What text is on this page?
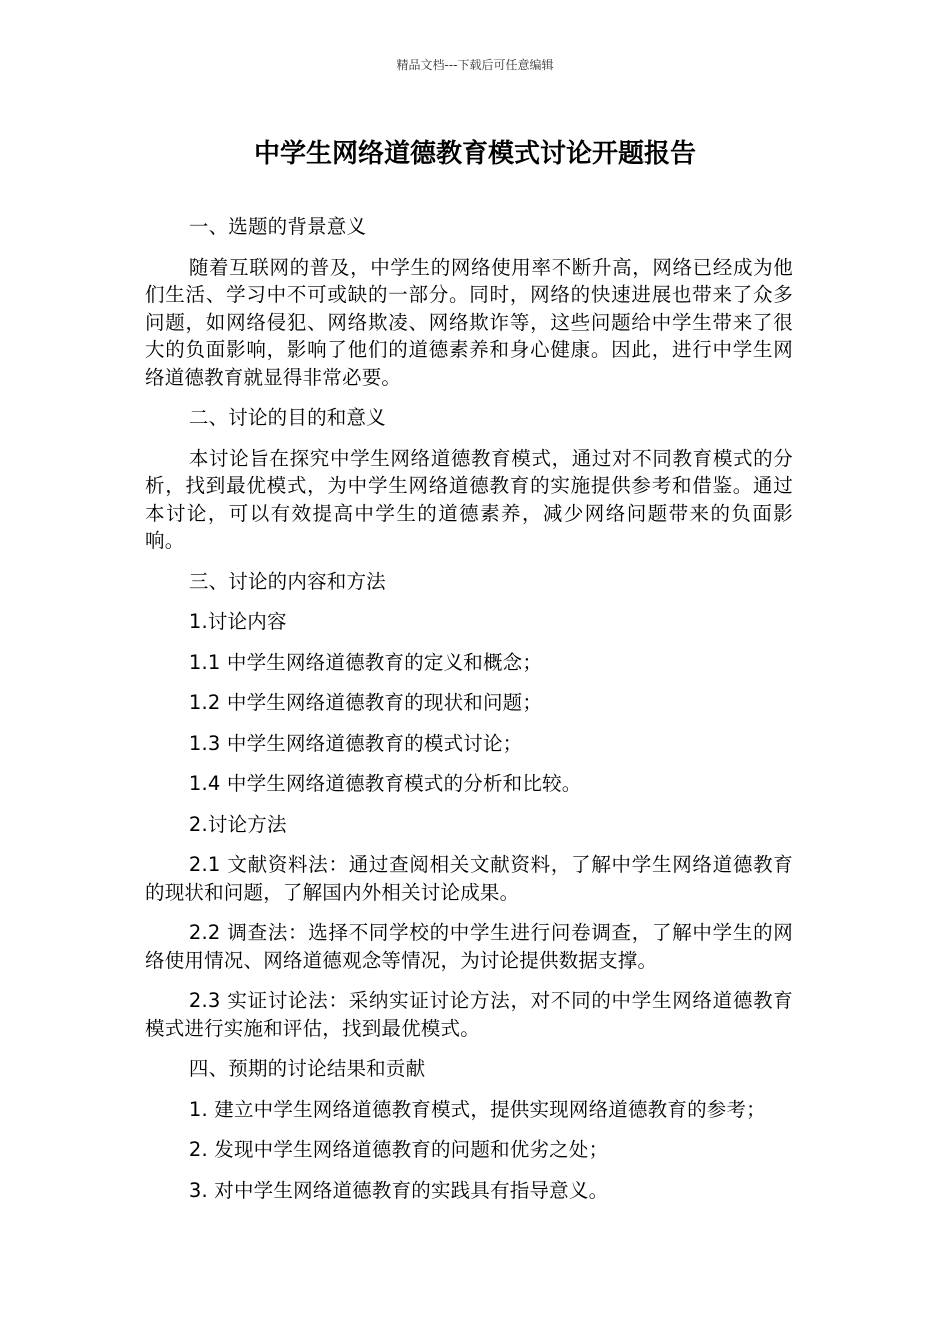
精品文档---下载后可任意编辑
中学生网络道德教育模式讨论开题报告

一、选题的背景意义

随着互联网的普及，中学生的网络使用率不断升高，网络已经成为他们生活、学习中不可或缺的一部分。同时，网络的快速进展也带来了众多问题，如网络侵犯、网络欺凌、网络欺诈等，这些问题给中学生带来了很大的负面影响，影响了他们的道德素养和身心健康。因此，进行中学生网络道德教育就显得非常必要。

二、讨论的目的和意义

本讨论旨在探究中学生网络道德教育模式，通过对不同教育模式的分析，找到最优模式，为中学生网络道德教育的实施提供参考和借鉴。通过本讨论，可以有效提高中学生的道德素养，减少网络问题带来的负面影响。

三、讨论的内容和方法

1.讨论内容

1.1 中学生网络道德教育的定义和概念；

1.2 中学生网络道德教育的现状和问题；

1.3 中学生网络道德教育的模式讨论；

1.4 中学生网络道德教育模式的分析和比较。

2.讨论方法

2.1 文献资料法：通过查阅相关文献资料，了解中学生网络道德教育的现状和问题，了解国内外相关讨论成果。

2.2 调查法：选择不同学校的中学生进行问卷调查，了解中学生的网络使用情况、网络道德观念等情况，为讨论提供数据支撑。

2.3 实证讨论法：采纳实证讨论方法，对不同的中学生网络道德教育模式进行实施和评估，找到最优模式。

四、预期的讨论结果和贡献

1. 建立中学生网络道德教育模式，提供实现网络道德教育的参考；

2. 发现中学生网络道德教育的问题和优劣之处；

3. 对中学生网络道德教育的实践具有指导意义。
